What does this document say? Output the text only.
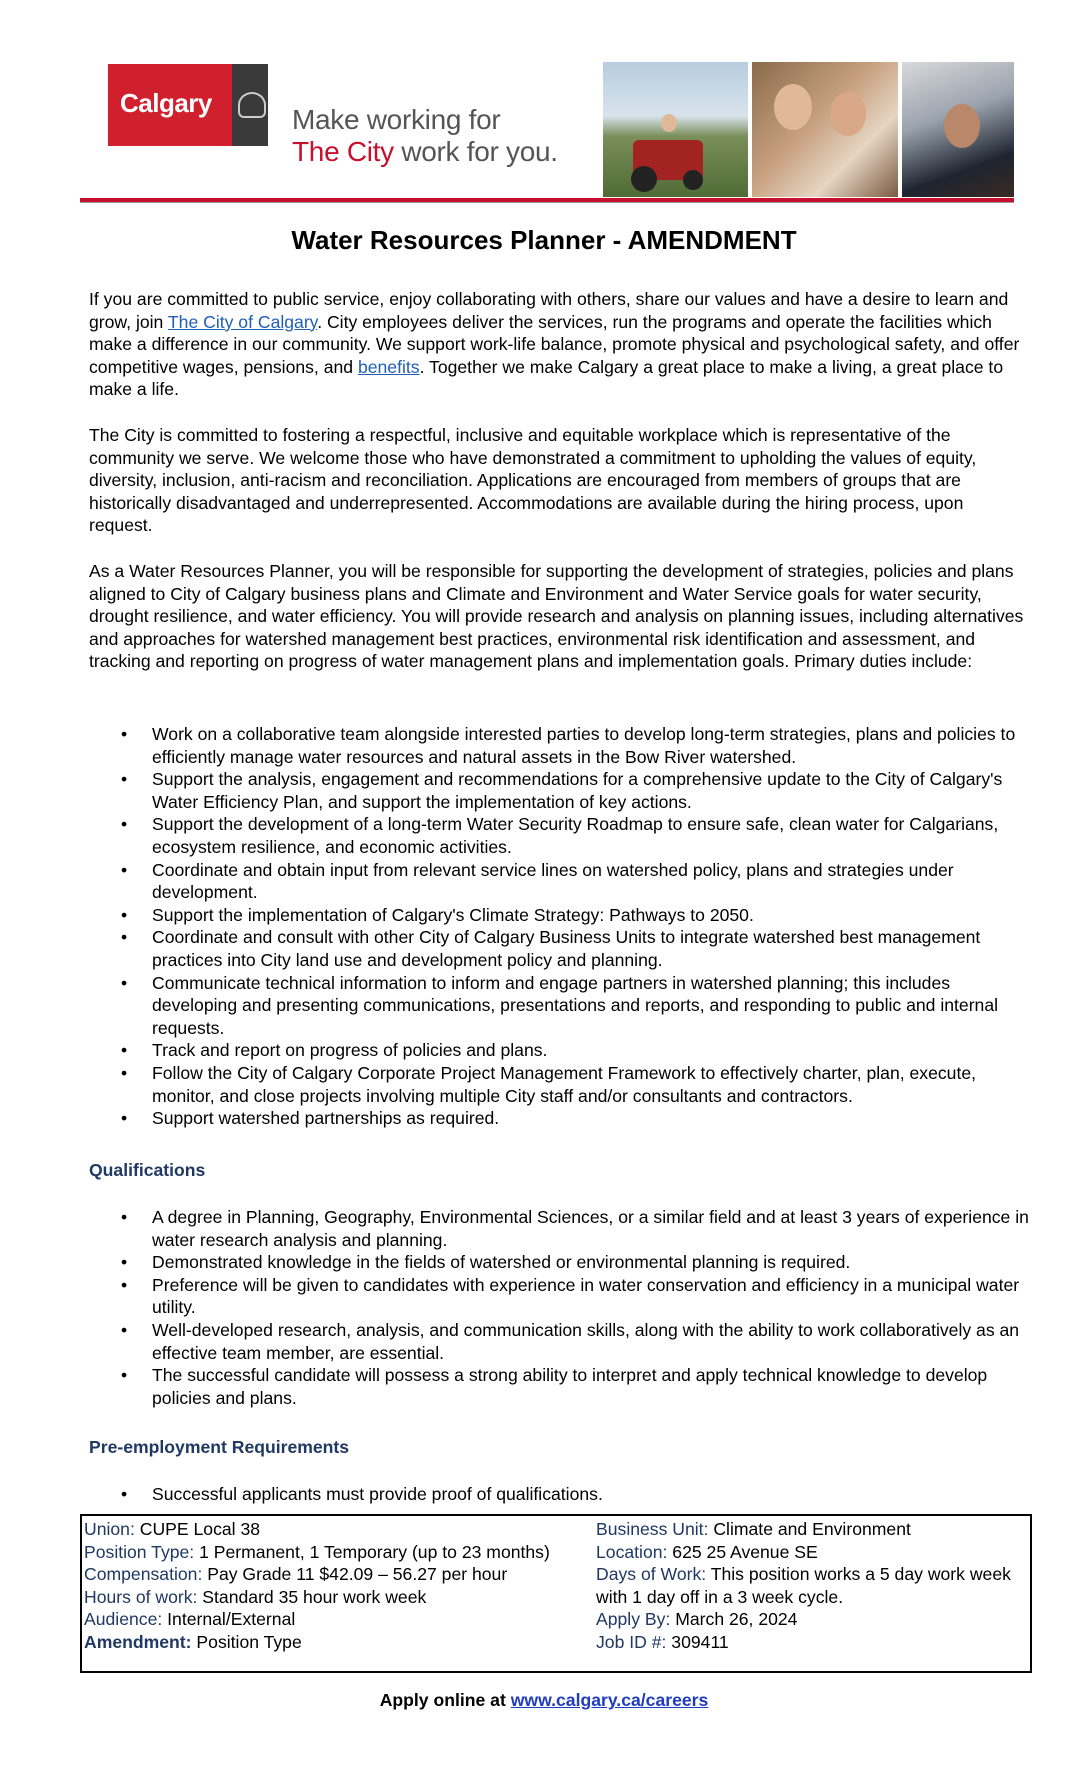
Calgary
Make working for
The City work for you.
Water Resources Planner - AMENDMENT

If you are committed to public service, enjoy collaborating with others, share our values and have a desire to learn and grow, join The City of Calgary. City employees deliver the services, run the programs and operate the facilities which make a difference in our community. We support work-life balance, promote physical and psychological safety, and offer competitive wages, pensions, and benefits. Together we make Calgary a great place to make a living, a great place to make a life.

The City is committed to fostering a respectful, inclusive and equitable workplace which is representative of the community we serve. We welcome those who have demonstrated a commitment to upholding the values of equity, diversity, inclusion, anti-racism and reconciliation. Applications are encouraged from members of groups that are historically disadvantaged and underrepresented. Accommodations are available during the hiring process, upon request.

As a Water Resources Planner, you will be responsible for supporting the development of strategies, policies and plans aligned to City of Calgary business plans and Climate and Environment and Water Service goals for water security, drought resilience, and water efficiency. You will provide research and analysis on planning issues, including alternatives and approaches for watershed management best practices, environmental risk identification and assessment, and tracking and reporting on progress of water management plans and implementation goals. Primary duties include:

• Work on a collaborative team alongside interested parties to develop long-term strategies, plans and policies to efficiently manage water resources and natural assets in the Bow River watershed.
• Support the analysis, engagement and recommendations for a comprehensive update to the City of Calgary's Water Efficiency Plan, and support the implementation of key actions.
• Support the development of a long-term Water Security Roadmap to ensure safe, clean water for Calgarians, ecosystem resilience, and economic activities.
• Coordinate and obtain input from relevant service lines on watershed policy, plans and strategies under development.
• Support the implementation of Calgary's Climate Strategy: Pathways to 2050.
• Coordinate and consult with other City of Calgary Business Units to integrate watershed best management practices into City land use and development policy and planning.
• Communicate technical information to inform and engage partners in watershed planning; this includes developing and presenting communications, presentations and reports, and responding to public and internal requests.
• Track and report on progress of policies and plans.
• Follow the City of Calgary Corporate Project Management Framework to effectively charter, plan, execute, monitor, and close projects involving multiple City staff and/or consultants and contractors.
• Support watershed partnerships as required.
Qualifications
• A degree in Planning, Geography, Environmental Sciences, or a similar field and at least 3 years of experience in water research analysis and planning.
• Demonstrated knowledge in the fields of watershed or environmental planning is required.
• Preference will be given to candidates with experience in water conservation and efficiency in a municipal water utility.
• Well-developed research, analysis, and communication skills, along with the ability to work collaboratively as an effective team member, are essential.
• The successful candidate will possess a strong ability to interpret and apply technical knowledge to develop policies and plans.
Pre-employment Requirements
• Successful applicants must provide proof of qualifications.
Union: CUPE Local 38
Position Type: 1 Permanent, 1 Temporary (up to 23 months)
Compensation: Pay Grade 11 $42.09 – 56.27 per hour
Hours of work: Standard 35 hour work week
Audience: Internal/External
Amendment: Position Type
Business Unit: Climate and Environment
Location: 625 25 Avenue SE
Days of Work: This position works a 5 day work week with 1 day off in a 3 week cycle.
Apply By: March 26, 2024
Job ID #: 309411
Apply online at www.calgary.ca/careers
